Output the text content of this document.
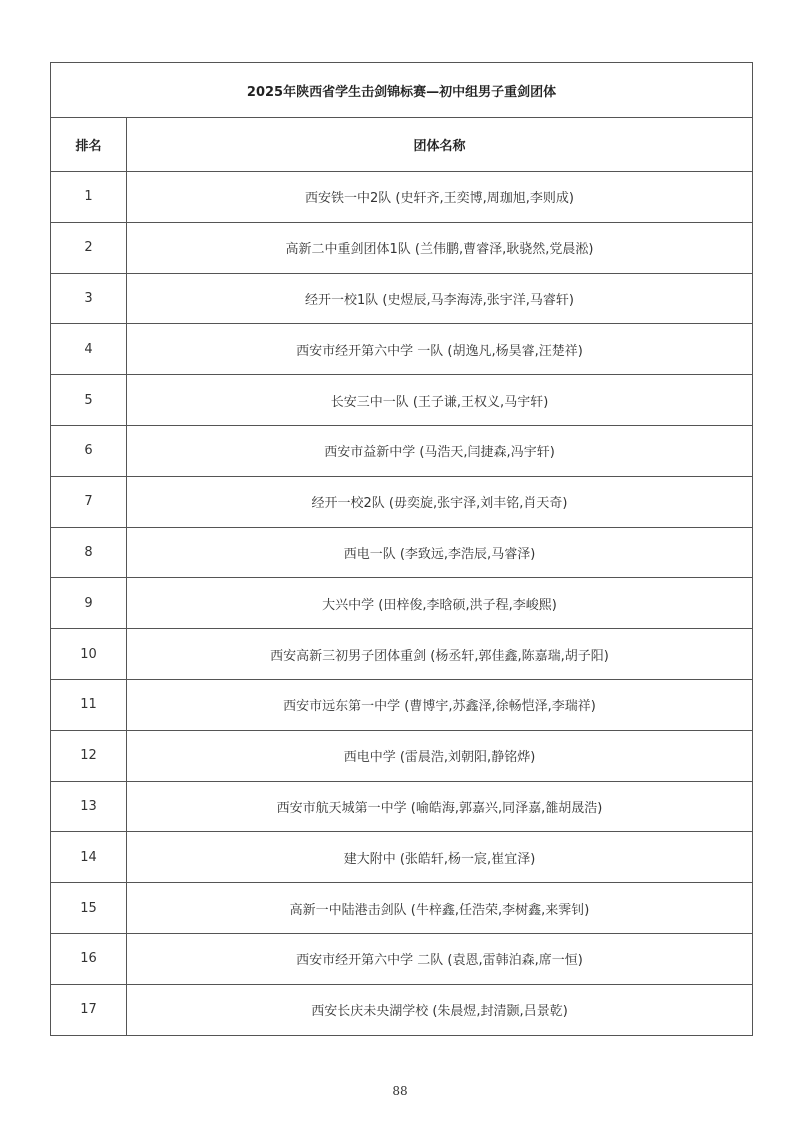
2025年陕西省学生击剑锦标赛—初中组男子重剑团体	
排名	团体名称
1	西安铁一中2队 (史轩齐,王奕博,周珈旭,李则成)
2	高新二中重剑团体1队 (兰伟鹏,曹睿泽,耿骁然,党晨淞)
3	经开一校1队 (史煜辰,马李海涛,张宇洋,马睿轩)
4	西安市经开第六中学 一队 (胡逸凡,杨昊睿,汪楚祥)
5	长安三中一队 (王子谦,王权义,马宇轩)
6	西安市益新中学 (马浩天,闫捷森,冯宇轩)
7	经开一校2队 (毋奕旋,张宇泽,刘丰铭,肖天奇)
8	西电一队 (李致远,李浩辰,马睿泽)
9	大兴中学 (田梓俊,李晗硕,洪子程,李峻熙)
10	西安高新三初男子团体重剑 (杨丞轩,郭佳鑫,陈嘉瑞,胡子阳)
11	西安市远东第一中学 (曹博宇,苏鑫泽,徐畅恺泽,李瑞祥)
12	西电中学 (雷晨浩,刘朝阳,静铭烨)
13	西安市航天城第一中学 (喻皓海,郭嘉兴,同泽嘉,雒胡晟浩)
14	建大附中 (张皓轩,杨一宸,崔宜泽)
15	高新一中陆港击剑队 (牛梓鑫,任浩荣,李树鑫,来霁钊)
16	西安市经开第六中学 二队 (袁恩,雷韩泊森,席一恒)
17	西安长庆未央湖学校 (朱晨煜,封清颢,吕景乾)
88
